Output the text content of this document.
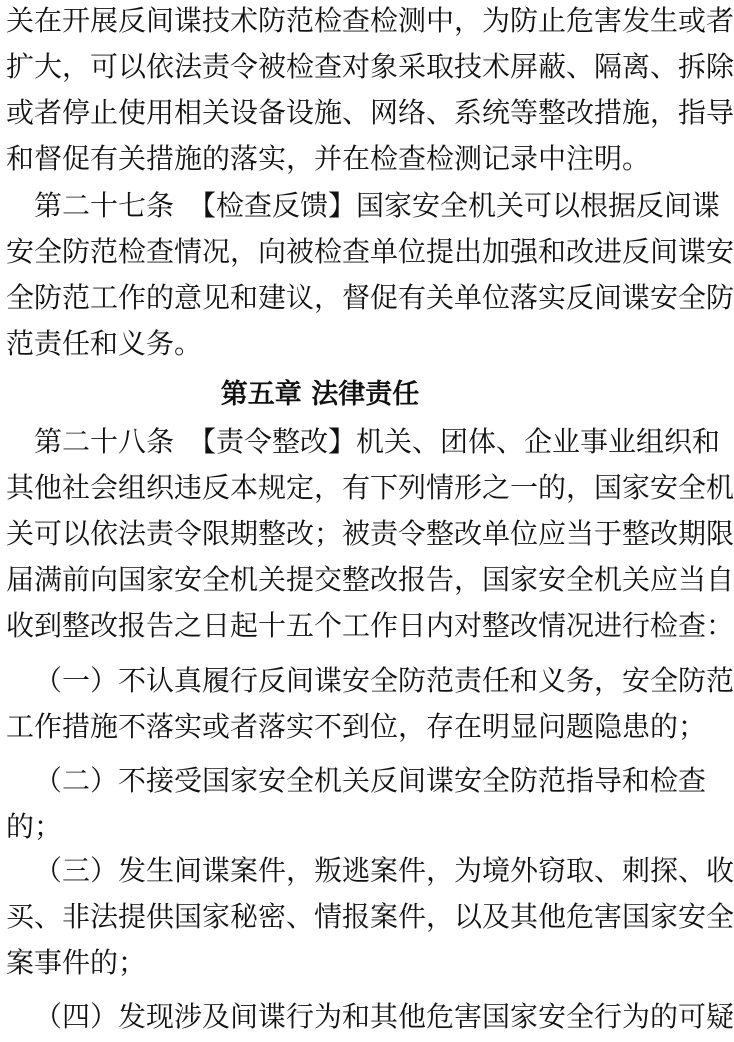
关在开展反间谍技术防范检查检测中，为防止危害发生或者
扩大，可以依法责令被检查对象采取技术屏蔽、隔离、拆除
或者停止使用相关设备设施、网络、系统等整改措施，指导
和督促有关措施的落实，并在检查检测记录中注明。
第二十七条　【检查反馈】国家安全机关可以根据反间谍
安全防范检查情况，向被检查单位提出加强和改进反间谍安
全防范工作的意见和建议，督促有关单位落实反间谍安全防
范责任和义务。
第五章 法律责任
第二十八条　【责令整改】机关、团体、企业事业组织和
其他社会组织违反本规定，有下列情形之一的，国家安全机
关可以依法责令限期整改；被责令整改单位应当于整改期限
届满前向国家安全机关提交整改报告，国家安全机关应当自
收到整改报告之日起十五个工作日内对整改情况进行检查：
（一）不认真履行反间谍安全防范责任和义务，安全防范
工作措施不落实或者落实不到位，存在明显问题隐患的；
（二）不接受国家安全机关反间谍安全防范指导和检查
的；
（三）发生间谍案件，叛逃案件，为境外窃取、刺探、收
买、非法提供国家秘密、情报案件，以及其他危害国家安全
案事件的；
（四）发现涉及间谍行为和其他危害国家安全行为的可疑
